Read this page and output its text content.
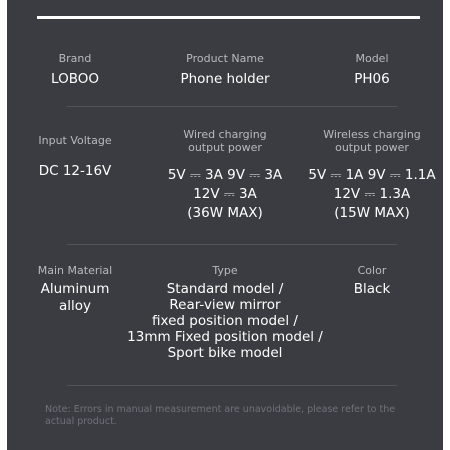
Brand
LOBOO
Product Name
Phone holder
Model
PH06
Input Voltage
DC 12-16V
Wired charging
output power
5V ⎓ 3A 9V ⎓ 3A
12V ⎓ 3A
(36W MAX)
Wireless charging
output power
5V ⎓ 1A 9V ⎓ 1.1A
12V ⎓ 1.3A
(15W MAX)
Main Material
Aluminum
alloy
Type
Standard model /
Rear-view mirror
fixed position model /
13mm Fixed position model /
Sport bike model
Color
Black
Note: Errors in manual measurement are unavoidable, please refer to the actual product.
